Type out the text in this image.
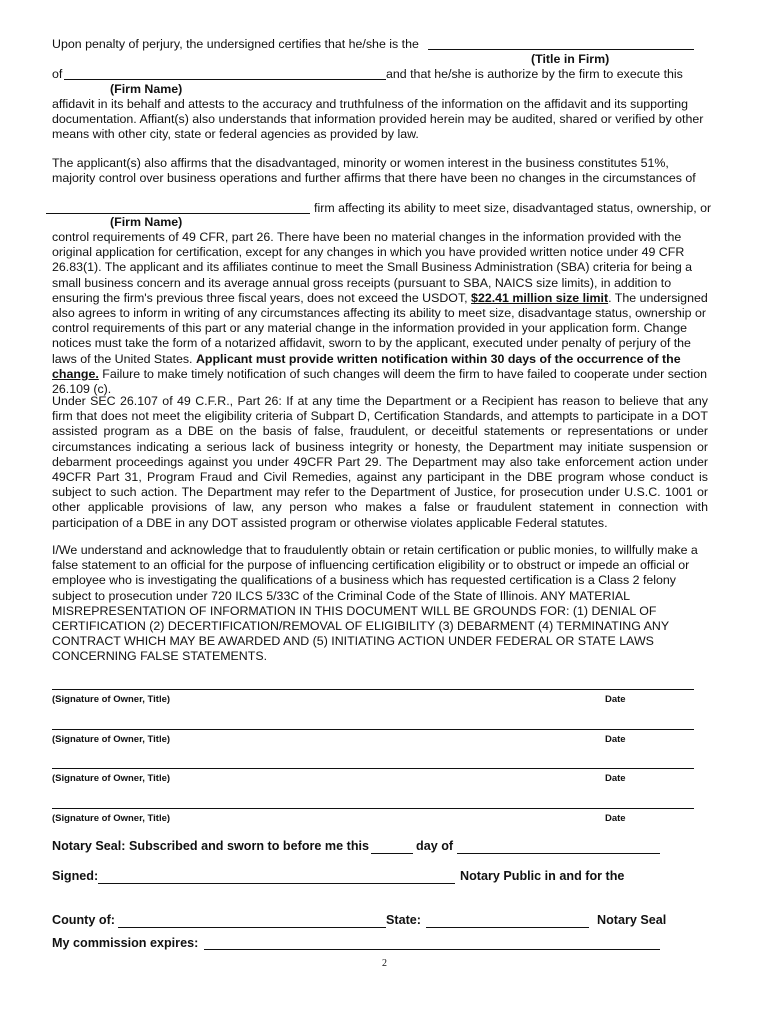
Upon penalty of perjury, the undersigned certifies that he/she is the
(Title in Firm)
of	and that he/she is authorize by the firm to execute this
(Firm Name)
affidavit in its behalf and attests to the accuracy and truthfulness of the information on the affidavit and its supporting documentation. Affiant(s) also understands that information provided herein may be audited, shared or verified by other means with other city, state or federal agencies as provided by law.
The applicant(s) also affirms that the disadvantaged, minority or women interest in the business constitutes 51%, majority control over business operations and further affirms that there have been no changes in the circumstances of
firm affecting its ability to meet size, disadvantaged status, ownership, or
(Firm Name)
control requirements of 49 CFR, part 26. There have been no material changes in the information provided with the original application for certification, except for any changes in which you have provided written notice under 49 CFR 26.83(1). The applicant and its affiliates continue to meet the Small Business Administration (SBA) criteria for being a small business concern and its average annual gross receipts (pursuant to SBA, NAICS size limits), in addition to ensuring the firm's previous three fiscal years, does not exceed the USDOT, $22.41 million size limit. The undersigned also agrees to inform in writing of any circumstances affecting its ability to meet size, disadvantage status, ownership or control requirements of this part or any material change in the information provided in your application form. Change notices must take the form of a notarized affidavit, sworn to by the applicant, executed under penalty of perjury of the laws of the United States. Applicant must provide written notification within 30 days of the occurrence of the change. Failure to make timely notification of such changes will deem the firm to have failed to cooperate under section 26.109 (c).
Under SEC 26.107 of 49 C.F.R., Part 26: If at any time the Department or a Recipient has reason to believe that any firm that does not meet the eligibility criteria of Subpart D, Certification Standards, and attempts to participate in a DOT assisted program as a DBE on the basis of false, fraudulent, or deceitful statements or representations or under circumstances indicating a serious lack of business integrity or honesty, the Department may initiate suspension or debarment proceedings against you under 49CFR Part 29. The Department may also take enforcement action under 49CFR Part 31, Program Fraud and Civil Remedies, against any participant in the DBE program whose conduct is subject to such action. The Department may refer to the Department of Justice, for prosecution under U.S.C. 1001 or other applicable provisions of law, any person who makes a false or fraudulent statement in connection with participation of a DBE in any DOT assisted program or otherwise violates applicable Federal statutes.
I/We understand and acknowledge that to fraudulently obtain or retain certification or public monies, to willfully make a false statement to an official for the purpose of influencing certification eligibility or to obstruct or impede an official or employee who is investigating the qualifications of a business which has requested certification is a Class 2 felony subject to prosecution under 720 ILCS 5/33C of the Criminal Code of the State of Illinois. ANY MATERIAL MISREPRESENTATION OF INFORMATION IN THIS DOCUMENT WILL BE GROUNDS FOR: (1) DENIAL OF CERTIFICATION (2) DECERTIFICATION/REMOVAL OF ELIGIBILITY (3) DEBARMENT (4) TERMINATING ANY CONTRACT WHICH MAY BE AWARDED AND (5) INITIATING ACTION UNDER FEDERAL OR STATE LAWS CONCERNING FALSE STATEMENTS.
(Signature of Owner, Title)	Date
(Signature of Owner, Title)	Date
(Signature of Owner, Title)	Date
(Signature of Owner, Title)	Date
Notary Seal: Subscribed and sworn to before me this	day of
Signed:	Notary Public in and for the
County of:	State:	Notary Seal
My commission expires:
2
